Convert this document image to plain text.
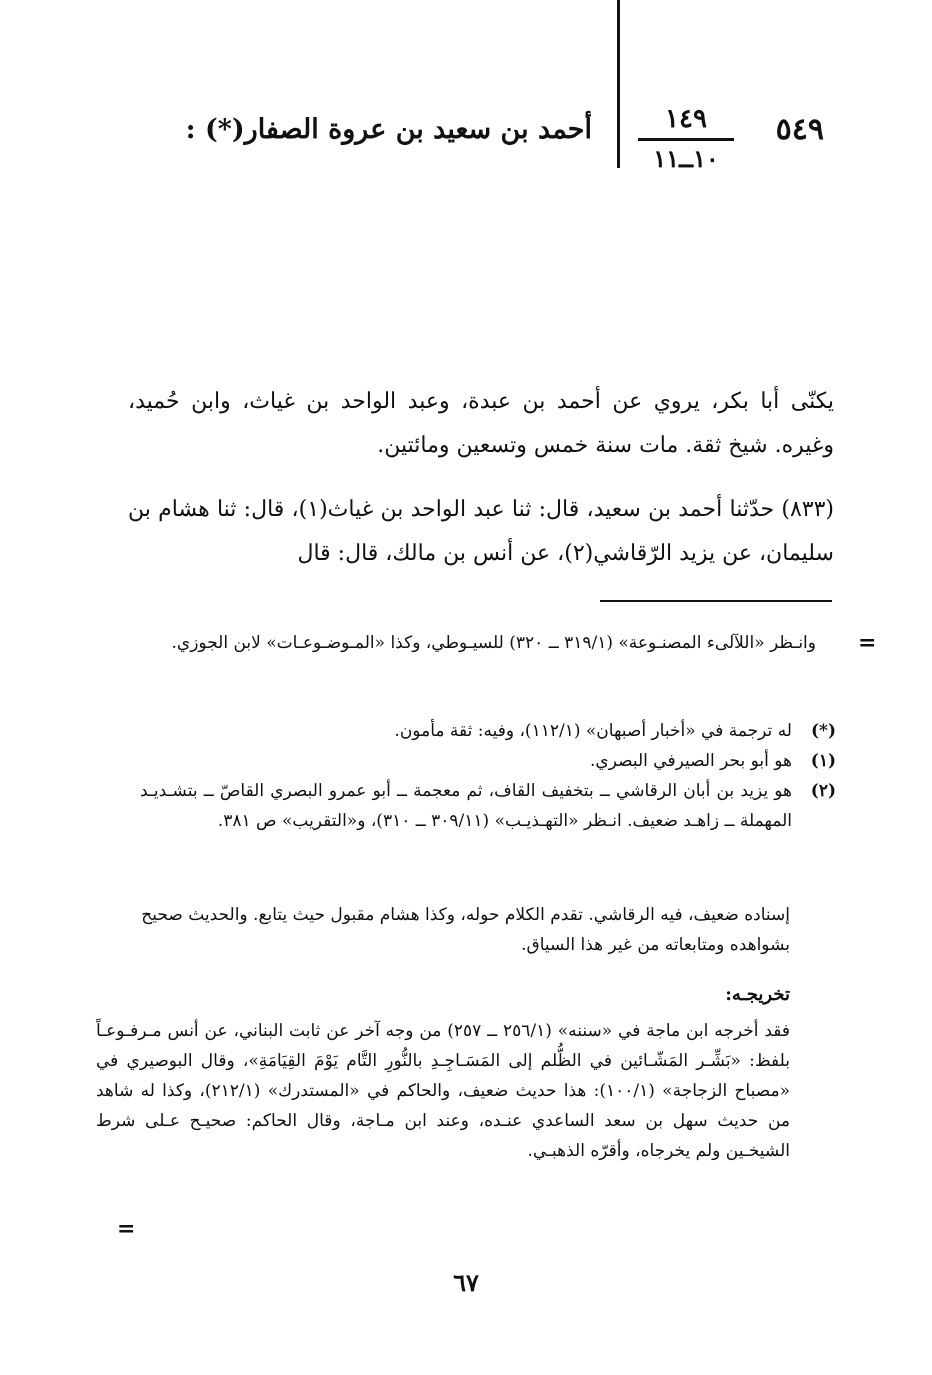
٥٤٩
١٤٩
١٠ــ١١
أحمد بن سعيد بن عروة الصفار(*) :
يكنّى أبا بكر، يروي عن أحمد بن عبدة، وعبد الواحد بن غياث، وابن حُميد، وغيره. شيخ ثقة. مات سنة خمس وتسعين ومائتين.
(٨٣٣) حدّثنا أحمد بن سعيد، قال: ثنا عبد الواحد بن غياث(١)، قال: ثنا هشام بن سليمان، عن يزيد الرّقاشي(٢)، عن أنس بن مالك، قال: قال
=
وانـظر «اللآلىء المصنـوعة» (٣١٩/١ ــ ٣٢٠) للسيـوطي، وكذا «المـوضـوعـات» لابن الجوزي.
(*)
له ترجمة في «أخبار أصبهان» (١١٢/١)، وفيه: ثقة مأمون.
(١)
هو أبو بحر الصيرفي البصري.
(٢)
هو يزيد بن أبان الرقاشي ــ بتخفيف القاف، ثم معجمة ــ أبو عمرو البصري القاصّ ــ بتشـديـد المهملة ــ زاهـد ضعيف. انـظر «التهـذيـب» (٣٠٩/١١ ــ ٣١٠)، و«التقريب» ص ٣٨١.
إسناده ضعيف، فيه الرقاشي. تقدم الكلام حوله، وكذا هشام مقبول حيث يتابع. والحديث صحيح بشواهده ومتابعاته من غير هذا السياق.
تخريجـه:
فقد أخرجه ابن ماجة في «سننه» (٢٥٦/١ ــ ٢٥٧) من وجه آخر عن ثابت البناني، عن أنس مـرفـوعـاً بلفظ: «بَشِّـر المَشّـائين في الظُّلم إلى المَسَـاجِـدِ بالنُّورِ التَّام يَوْمَ القِيَامَةِ»، وقال البوصيري في «مصباح الزجاجة» (١٠٠/١): هذا حديث ضعيف، والحاكم في «المستدرك» (٢١٢/١)، وكذا له شاهد من حديث سهل بن سعد الساعدي عنـده، وعند ابن مـاجة، وقال الحاكم: صحيـح عـلى شرط الشيخـين ولم يخرجاه، وأقرّه الذهبـي.
=
٦٧
